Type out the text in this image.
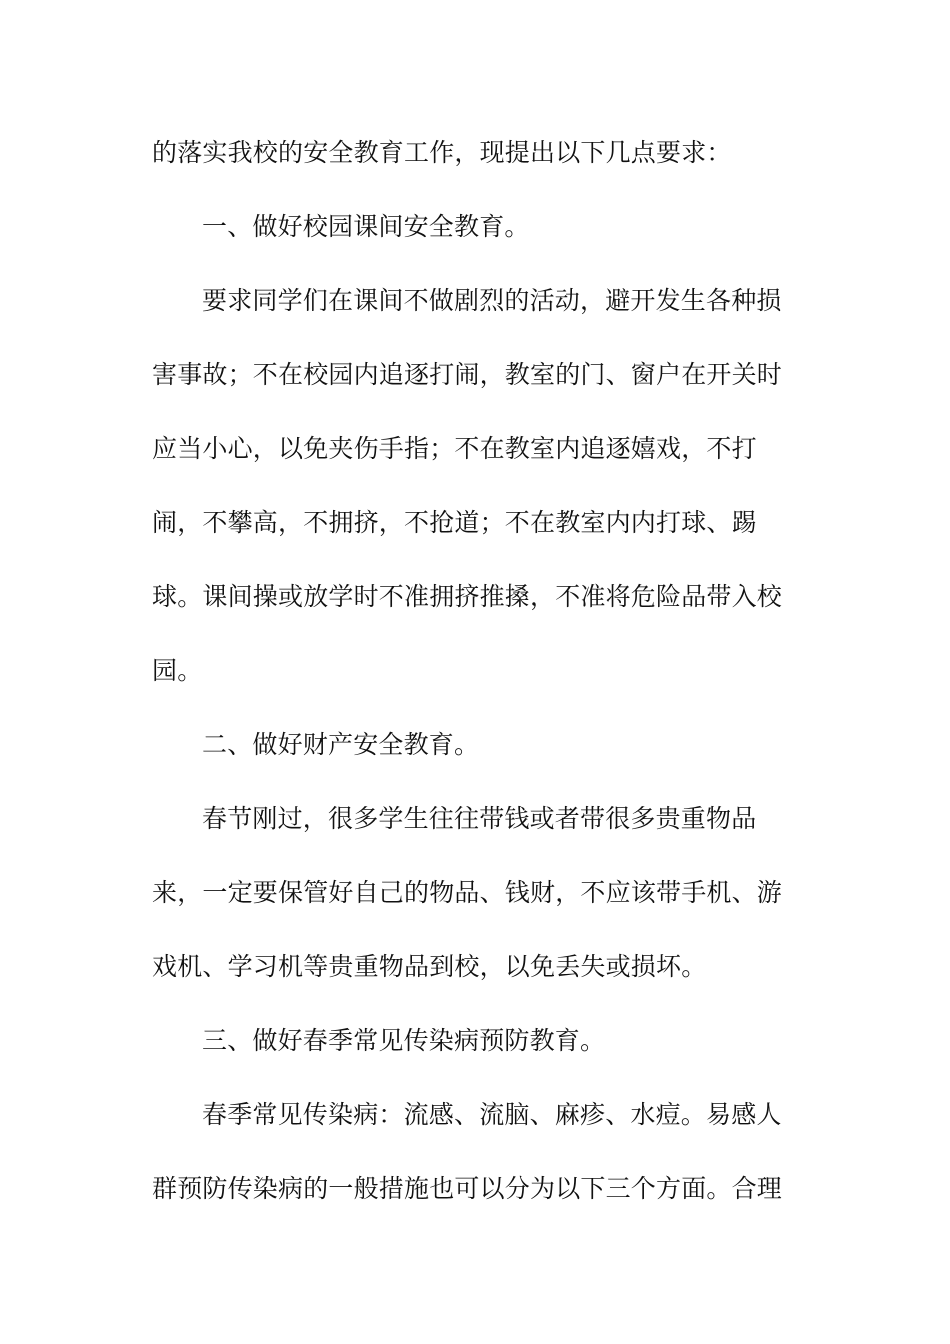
的落实我校的安全教育工作，现提出以下几点要求：
一、做好校园课间安全教育。
要求同学们在课间不做剧烈的活动，避开发生各种损
害事故；不在校园内追逐打闹，教室的门、窗户在开关时
应当小心，以免夹伤手指；不在教室内追逐嬉戏，不打
闹，不攀高，不拥挤，不抢道；不在教室内内打球、踢
球。课间操或放学时不准拥挤推搡，不准将危险品带入校
园。
二、做好财产安全教育。
春节刚过，很多学生往往带钱或者带很多贵重物品
来，一定要保管好自己的物品、钱财，不应该带手机、游
戏机、学习机等贵重物品到校，以免丢失或损坏。
三、做好春季常见传染病预防教育。
春季常见传染病：流感、流脑、麻疹、水痘。易感人
群预防传染病的一般措施也可以分为以下三个方面。合理
